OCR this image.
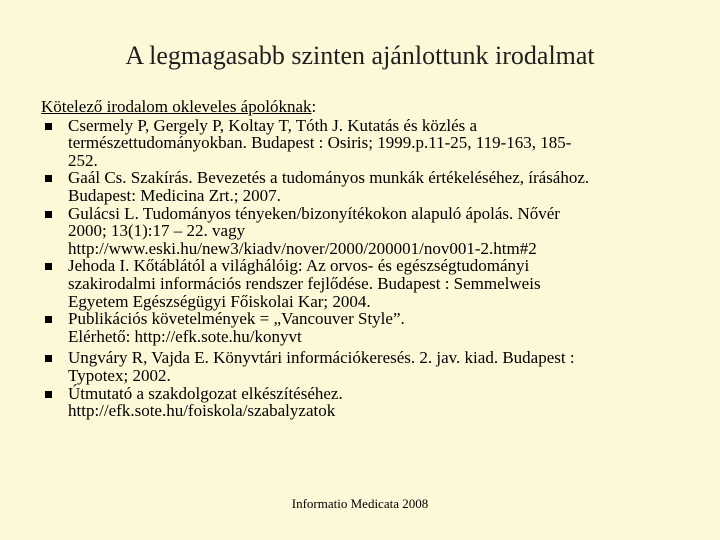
A legmagasabb szinten ajánlottunk irodalmat
Kötelező irodalom okleveles ápolóknak:
Csermely P, Gergely P, Koltay T, Tóth J. Kutatás és közlés a
természettudományokban. Budapest : Osiris; 1999.p.11-25, 119-163, 185-
252.
Gaál Cs. Szakírás. Bevezetés a tudományos munkák értékeléséhez, írásához.
Budapest: Medicina Zrt.; 2007.
Gulácsi L. Tudományos tényeken/bizonyítékokon alapuló ápolás. Nővér
2000; 13(1):17 – 22. vagy
http://www.eski.hu/new3/kiadv/nover/2000/200001/nov001-2.htm#2
Jehoda I. Kőtáblától a világhálóig: Az orvos- és egészségtudományi
szakirodalmi információs rendszer fejlődése. Budapest : Semmelweis
Egyetem Egészségügyi Főiskolai Kar; 2004.
Publikációs követelmények = „Vancouver Style”.
Elérhető: http://efk.sote.hu/konyvt
Ungváry R, Vajda E. Könyvtári információkeresés. 2. jav. kiad. Budapest :
Typotex; 2002.
Útmutató a szakdolgozat elkészítéséhez.
http://efk.sote.hu/foiskola/szabalyzatok
Informatio Medicata 2008
